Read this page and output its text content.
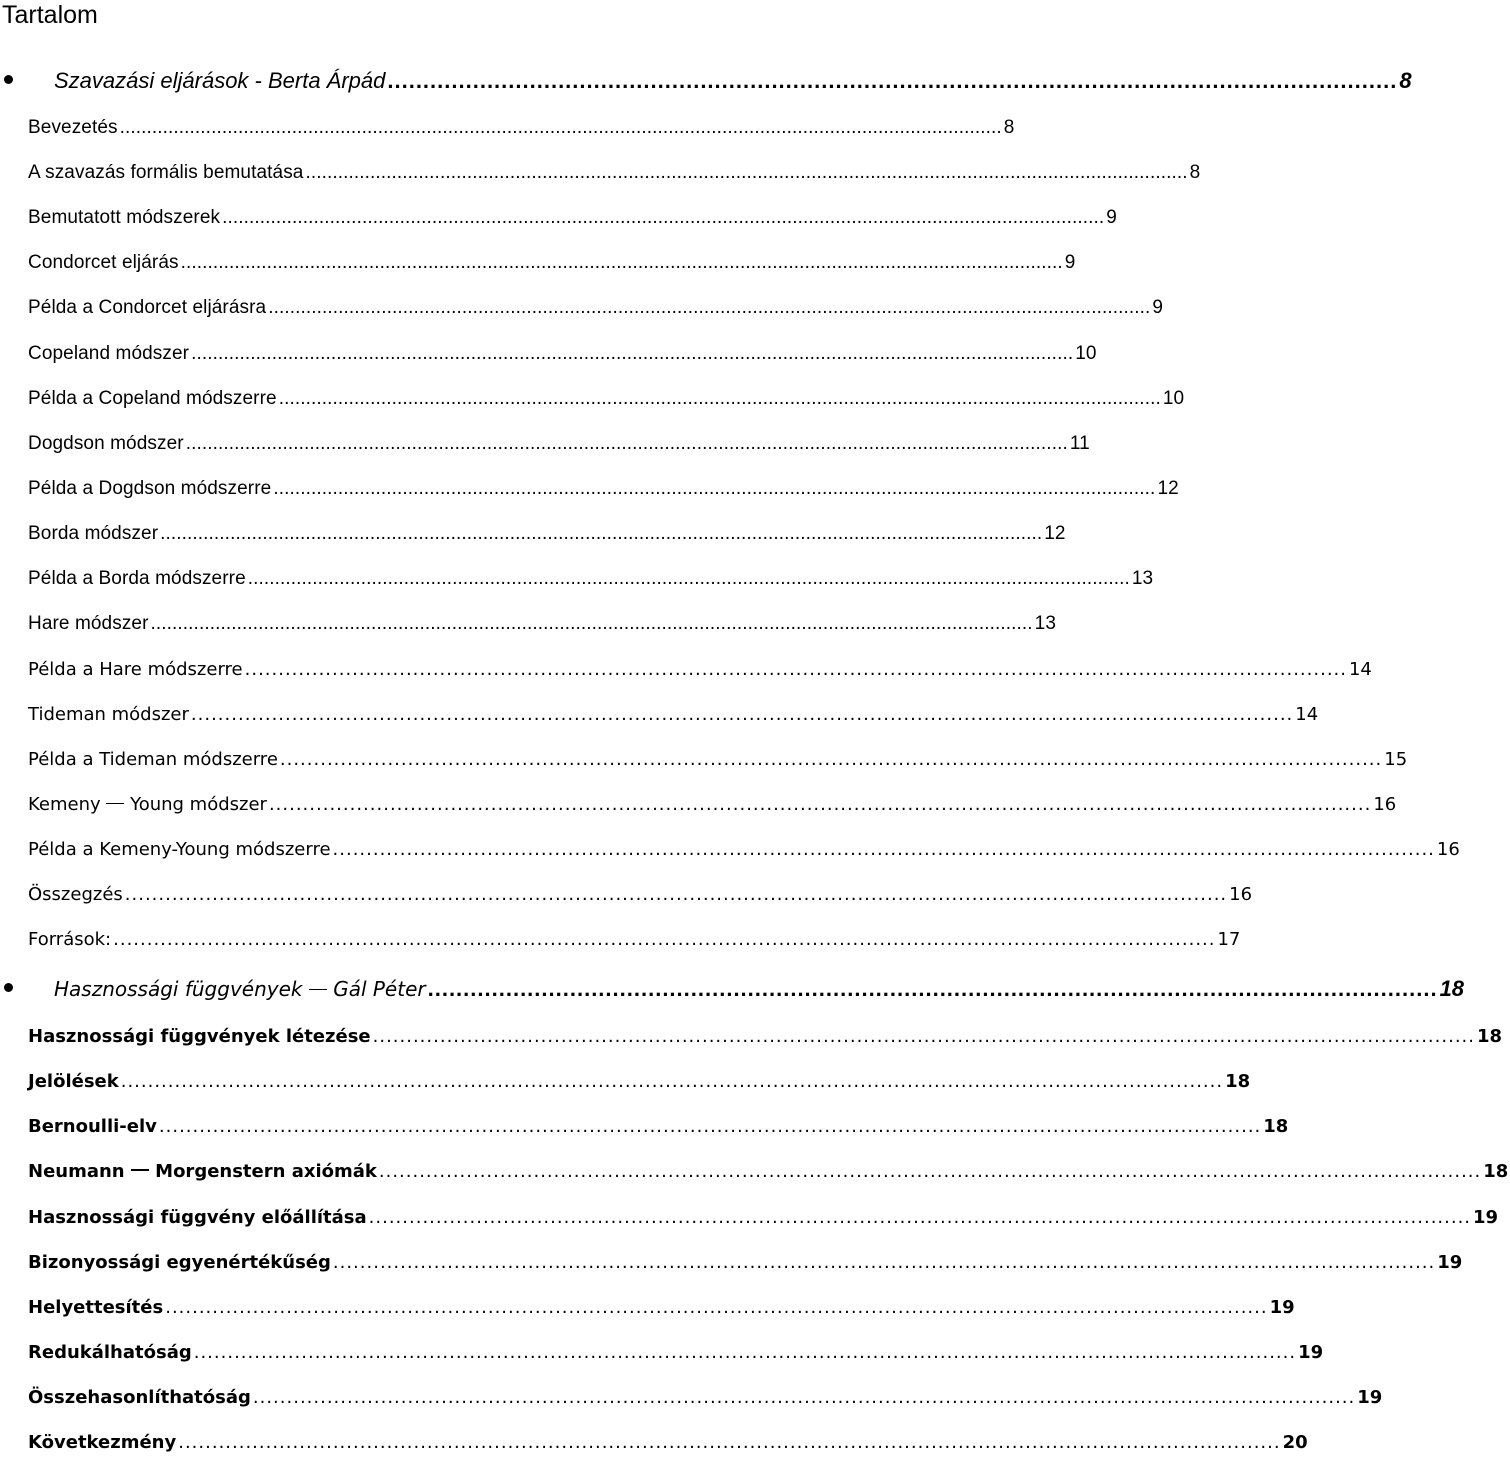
Tartalom
Szavazási eljárások - Berta Árpád .............................................................................................................................................. 8
Bevezetés .................................................................................................................................................................... 8
A szavazás formális bemutatása .................................................................................................................................................................... 8
Bemutatott módszerek .................................................................................................................................................................... 9
Condorcet eljárás .................................................................................................................................................................... 9
Példa a Condorcet eljárásra .................................................................................................................................................................... 9
Copeland módszer .................................................................................................................................................................... 10
Példa a Copeland módszerre .................................................................................................................................................................... 10
Dogdson módszer .................................................................................................................................................................... 11
Példa a Dogdson módszerre .................................................................................................................................................................... 12
Borda módszer .................................................................................................................................................................... 12
Példa a Borda módszerre .................................................................................................................................................................... 13
Hare módszer .................................................................................................................................................................... 13
Példa a Hare módszerre .................................................................................................................................................................... 14
Tideman módszer .................................................................................................................................................................... 14
Példa a Tideman módszerre .................................................................................................................................................................... 15
Kemeny  Young módszer .................................................................................................................................................................... 16
Példa a Kemeny-Young módszerre .................................................................................................................................................................... 16
Összegzés .................................................................................................................................................................... 16
Források: .................................................................................................................................................................... 17
Hasznossági függvények  Gál Péter .............................................................................................................................................. 18
Hasznossági függvények létezése .................................................................................................................................................................... 18
Jelölések .................................................................................................................................................................... 18
Bernoulli-elv .................................................................................................................................................................... 18
Neumann  Morgenstern axiómák .................................................................................................................................................................... 18
Hasznossági függvény előállítása .................................................................................................................................................................... 19
Bizonyossági egyenértékűség .................................................................................................................................................................... 19
Helyettesítés .................................................................................................................................................................... 19
Redukálhatóság .................................................................................................................................................................... 19
Összehasonlíthatóság .................................................................................................................................................................... 19
Következmény .................................................................................................................................................................... 20
